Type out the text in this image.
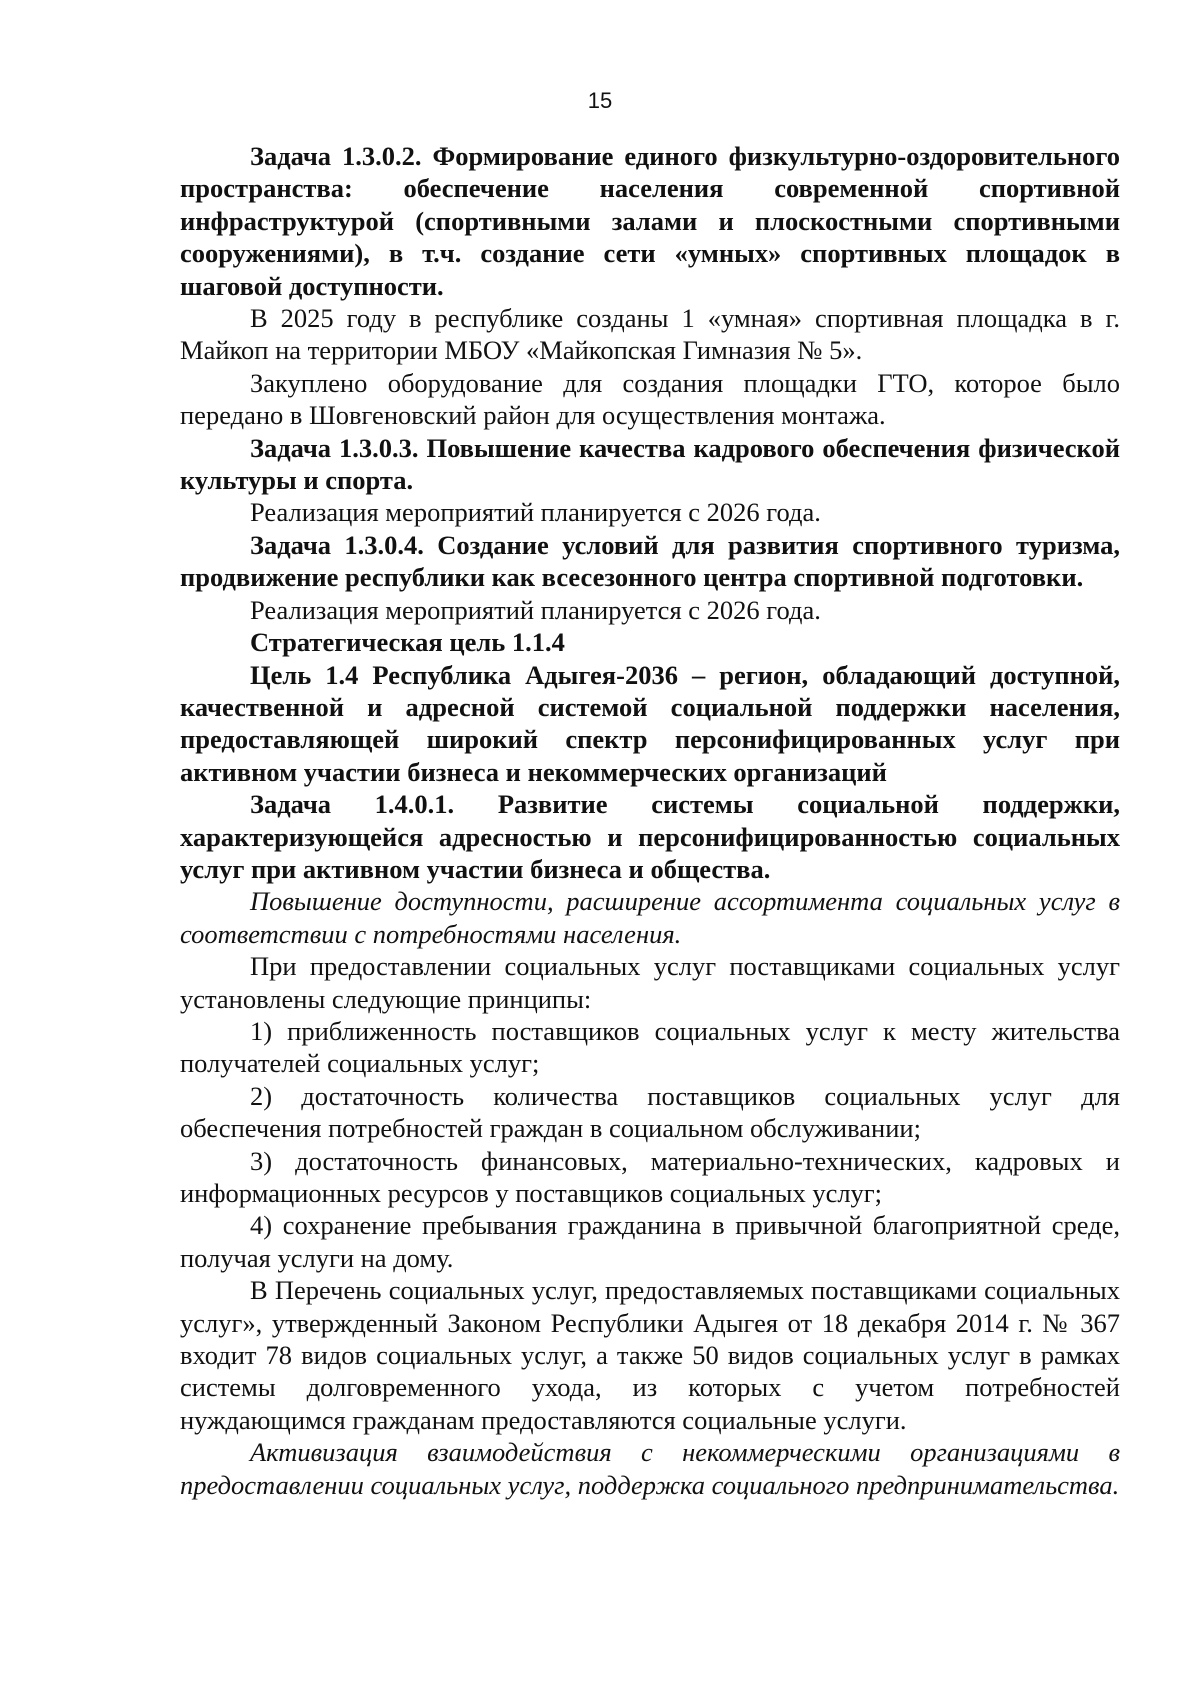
15

Задача 1.3.0.2. Формирование единого физкультурно-оздоровительного пространства: обеспечение населения современной спортивной инфраструктурой (спортивными залами и плоскостными спортивными сооружениями), в т.ч. создание сети «умных» спортивных площадок в шаговой доступности.

В 2025 году в республике созданы 1 «умная» спортивная площадка в г. Майкоп на территории МБОУ «Майкопская Гимназия № 5».

Закуплено оборудование для создания площадки ГТО, которое было передано в Шовгеновский район для осуществления монтажа.

Задача 1.3.0.3. Повышение качества кадрового обеспечения физической культуры и спорта.

Реализация мероприятий планируется с 2026 года.

Задача 1.3.0.4. Создание условий для развития спортивного туризма, продвижение республики как всесезонного центра спортивной подготовки.

Реализация мероприятий планируется с 2026 года.

Стратегическая цель 1.1.4

Цель 1.4 Республика Адыгея-2036 – регион, обладающий доступной, качественной и адресной системой социальной поддержки населения, предоставляющей широкий спектр персонифицированных услуг при активном участии бизнеса и некоммерческих организаций

Задача 1.4.0.1. Развитие системы социальной поддержки, характеризующейся адресностью и персонифицированностью социальных услуг при активном участии бизнеса и общества.

Повышение доступности, расширение ассортимента социальных услуг в соответствии с потребностями населения.

При предоставлении социальных услуг поставщиками социальных услуг установлены следующие принципы:

1) приближенность поставщиков социальных услуг к месту жительства получателей социальных услуг;

2) достаточность количества поставщиков социальных услуг для обеспечения потребностей граждан в социальном обслуживании;

3) достаточность финансовых, материально-технических, кадровых и информационных ресурсов у поставщиков социальных услуг;

4) сохранение пребывания гражданина в привычной благоприятной среде, получая услуги на дому.

В Перечень социальных услуг, предоставляемых поставщиками социальных услуг», утвержденный Законом Республики Адыгея от 18 декабря 2014 г. № 367 входит 78 видов социальных услуг, а также 50 видов социальных услуг в рамках системы долговременного ухода, из которых с учетом потребностей нуждающимся гражданам предоставляются социальные услуги.

Активизация взаимодействия с некоммерческими организациями в предоставлении социальных услуг, поддержка социального предпринимательства.
